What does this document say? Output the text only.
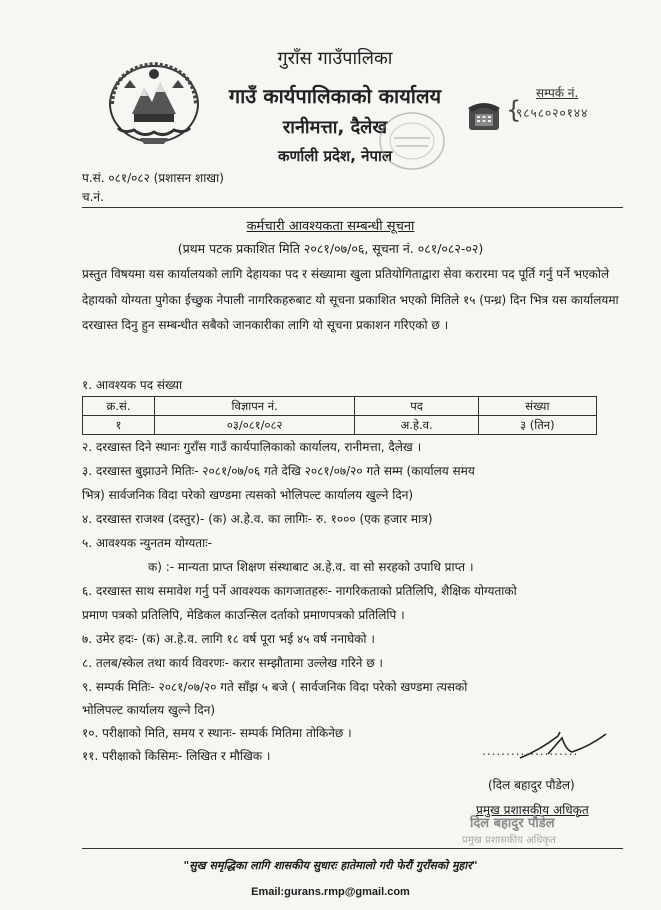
गुराँस गाउँपालिका
गाउँ कार्यपालिकाको कार्यालय
रानीमत्ता, दैलेख
कर्णाली प्रदेश, नेपाल
सम्पर्क नं.
{
९८५८०२०१४४
प.सं. ०८१/०८२ (प्रशासन शाखा)
च.नं.
कर्मचारी आवश्यकता सम्बन्धी सूचना
(प्रथम पटक प्रकाशित मिति २०८१/०७/०६, सूचना नं. ०८१/०८२-०२)
प्रस्तुत विषयमा यस कार्यालयको लागि देहायका पद र संख्यामा खुला प्रतियोगिताद्वारा सेवा करारमा पद पूर्ति गर्नु पर्ने भएकोले देहायको योग्यता पुगेका ईच्छुक नेपाली नागरिकहरुबाट यो सूचना प्रकाशित भएको मितिले १५ (पन्ध्र) दिन भित्र यस कार्यालयमा दरखास्त दिनु हुन सम्बन्धीत सबैको जानकारीका लागि यो सूचना प्रकाशन गरिएको छ ।
१. आवश्यक पद संख्या
क्र.सं.	विज्ञापन नं.	पद	संख्या
१	०३/०८१/०८२	अ.हे.व.	३ (तिन)
२. दरखास्त दिने स्थानः गुराँस गाउँ कार्यपालिकाको कार्यालय, रानीमत्ता, दैलेख ।
३. दरखास्त बुझाउने मितिः- २०८१/०७/०६ गते देखि २०८१/०७/२० गते सम्म (कार्यालय समय
भित्र) सार्वजनिक विदा परेको खण्डमा त्यसको भोलिपल्ट कार्यालय खुल्ने दिन)
४. दरखास्त राजश्व (दस्तुर)- (क) अ.हे.व. का लागिः- रु. १००० (एक हजार मात्र)
५. आवश्यक न्युनतम योग्यताः-
क) :- मान्यता प्राप्त शिक्षण संस्थाबाट अ.हे.व. वा सो सरहको उपाधि प्राप्त ।
६. दरखास्त साथ समावेश गर्नु पर्ने आवश्यक कागजातहरुः- नागरिकताको प्रतिलिपि, शैक्षिक योग्यताको
प्रमाण पत्रको प्रतिलिपि, मेडिकल काउन्सिल दर्ताको प्रमाणपत्रको प्रतिलिपि ।
७. उमेर हदः- (क) अ.हे.व. लागि १८ वर्ष पूरा भई ४५ वर्ष ननाघेको ।
८. तलब/स्केल तथा कार्य विवरणः- करार सम्झौतामा उल्लेख गरिने छ ।
९. सम्पर्क मितिः- २०८१/०७/२० गते साँझ ५ बजे ( सार्वजनिक विदा परेको खण्डमा त्यसको
भोलिपल्ट कार्यालय खुल्ने दिन)
१०. परीक्षाको मिति, समय र स्थानः- सम्पर्क मितिमा तोकिनेछ ।
११. परीक्षाको किसिमः- लिखित र मौखिक ।	....................
(दिल बहादुर पौडेल)
प्रमुख प्रशासकीय अधिकृत
दिल बहादुर पौडेल
प्रमुख प्रशासकीय अधिकृत
"सुख समृद्धिका लागि शासकीय सुधारः हातेमालो गरी फेरौं गुराँसको मुहार"
Email:gurans.rmp@gmail.com
